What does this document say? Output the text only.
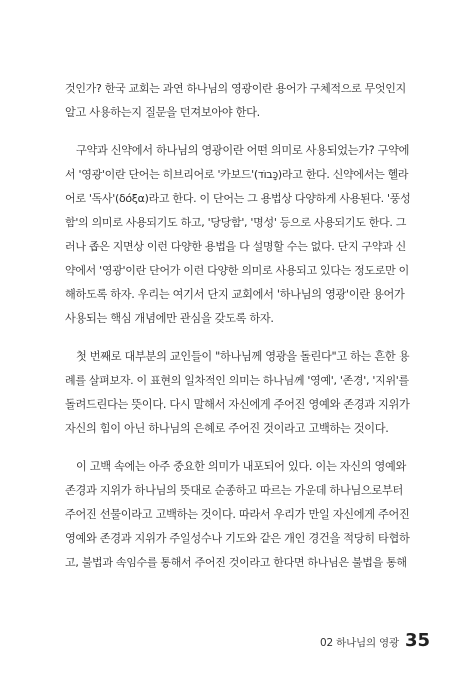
것인가? 한국 교회는 과연 하나님의 영광이란 용어가 구체적으로 무엇인지
알고 사용하는지 질문을 던져보아야 한다.
구약과 신약에서 하나님의 영광이란 어떤 의미로 사용되었는가? 구약에
서 '영광'이란 단어는 히브리어로 '카보드'(כָּבוֹד)라고 한다. 신약에서는 헬라
어로 '독사'(δόξα)라고 한다. 이 단어는 그 용법상 다양하게 사용된다. '풍성
함'의 의미로 사용되기도 하고, '당당함', '명성' 등으로 사용되기도 한다. 그
러나 좁은 지면상 이런 다양한 용법을 다 설명할 수는 없다. 단지 구약과 신
약에서 '영광'이란 단어가 이런 다양한 의미로 사용되고 있다는 정도로만 이
해하도록 하자. 우리는 여기서 단지 교회에서 '하나님의 영광'이란 용어가
사용되는 핵심 개념에만 관심을 갖도록 하자.
첫 번째로 대부분의 교인들이 "하나님께 영광을 돌린다"고 하는 흔한 용
례를 살펴보자. 이 표현의 일차적인 의미는 하나님께 '영예', '존경', '지위'를
돌려드린다는 뜻이다. 다시 말해서 자신에게 주어진 영예와 존경과 지위가
자신의 힘이 아닌 하나님의 은혜로 주어진 것이라고 고백하는 것이다.
이 고백 속에는 아주 중요한 의미가 내포되어 있다. 이는 자신의 영예와
존경과 지위가 하나님의 뜻대로 순종하고 따르는 가운데 하나님으로부터
주어진 선물이라고 고백하는 것이다. 따라서 우리가 만일 자신에게 주어진
영예와 존경과 지위가 주일성수나 기도와 같은 개인 경건을 적당히 타협하
고, 불법과 속임수를 통해서 주어진 것이라고 한다면 하나님은 불법을 통해
02 하나님의 영광 35
